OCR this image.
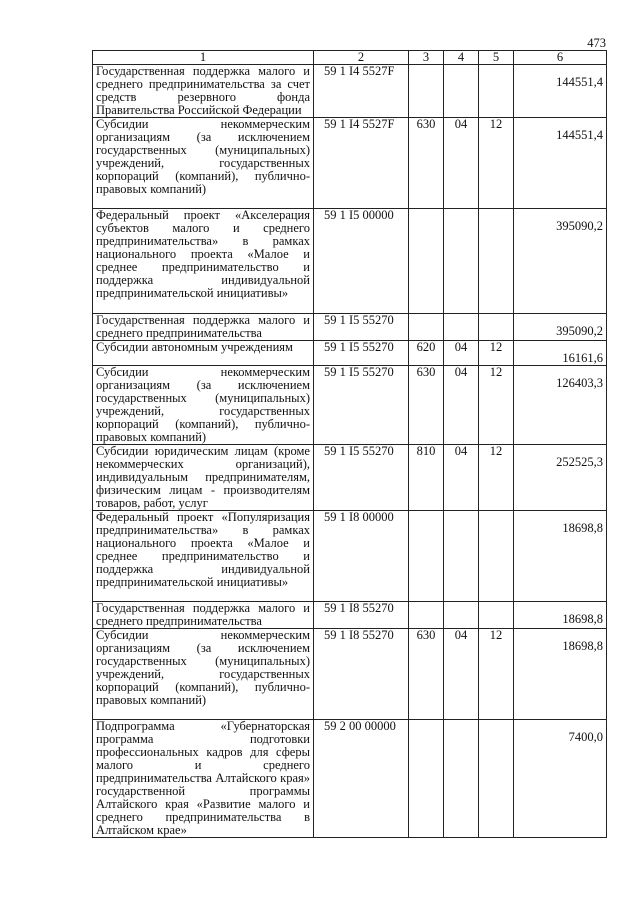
473
1	2	3	4	5	6
Государственная поддержка малого и среднего предпринимательства за счет средств резервного фонда Правительства Российской Федерации	59 1 I4 5527F				144551,4
Субсидии некоммерческим организациям (за исключением государственных (муниципальных) учреждений, государственных корпораций (компаний), публично-правовых компаний)	59 1 I4 5527F	630	04	12	144551,4
Федеральный проект «Акселерация субъектов малого и среднего предпринимательства» в рамках национального проекта «Малое и среднее предпринимательство и поддержка индивидуальной предпринимательской инициативы»	59 1 I5 00000				395090,2
Государственная поддержка малого и среднего предпринимательства	59 1 I5 55270				395090,2
Субсидии автономным учреждениям	59 1 I5 55270	620	04	12	16161,6
Субсидии некоммерческим организациям (за исключением государственных (муниципальных) учреждений, государственных корпораций (компаний), публично-правовых компаний)	59 1 I5 55270	630	04	12	126403,3
Субсидии юридическим лицам (кроме некоммерческих организаций), индивидуальным предпринимателям, физическим лицам - производителям товаров, работ, услуг	59 1 I5 55270	810	04	12	252525,3
Федеральный проект «Популяризация предпринимательства» в рамках национального проекта «Малое и среднее предпринимательство и поддержка индивидуальной предпринимательской инициативы»	59 1 I8 00000				18698,8
Государственная поддержка малого и среднего предпринимательства	59 1 I8 55270				18698,8
Субсидии некоммерческим организациям (за исключением государственных (муниципальных) учреждений, государственных корпораций (компаний), публично-правовых компаний)	59 1 I8 55270	630	04	12	18698,8
Подпрограмма «Губернаторская программа подготовки профессиональных кадров для сферы малого и среднего предпринимательства Алтайского края» государственной программы Алтайского края «Развитие малого и среднего предпринимательства в Алтайском крае»	59 2 00 00000				7400,0
